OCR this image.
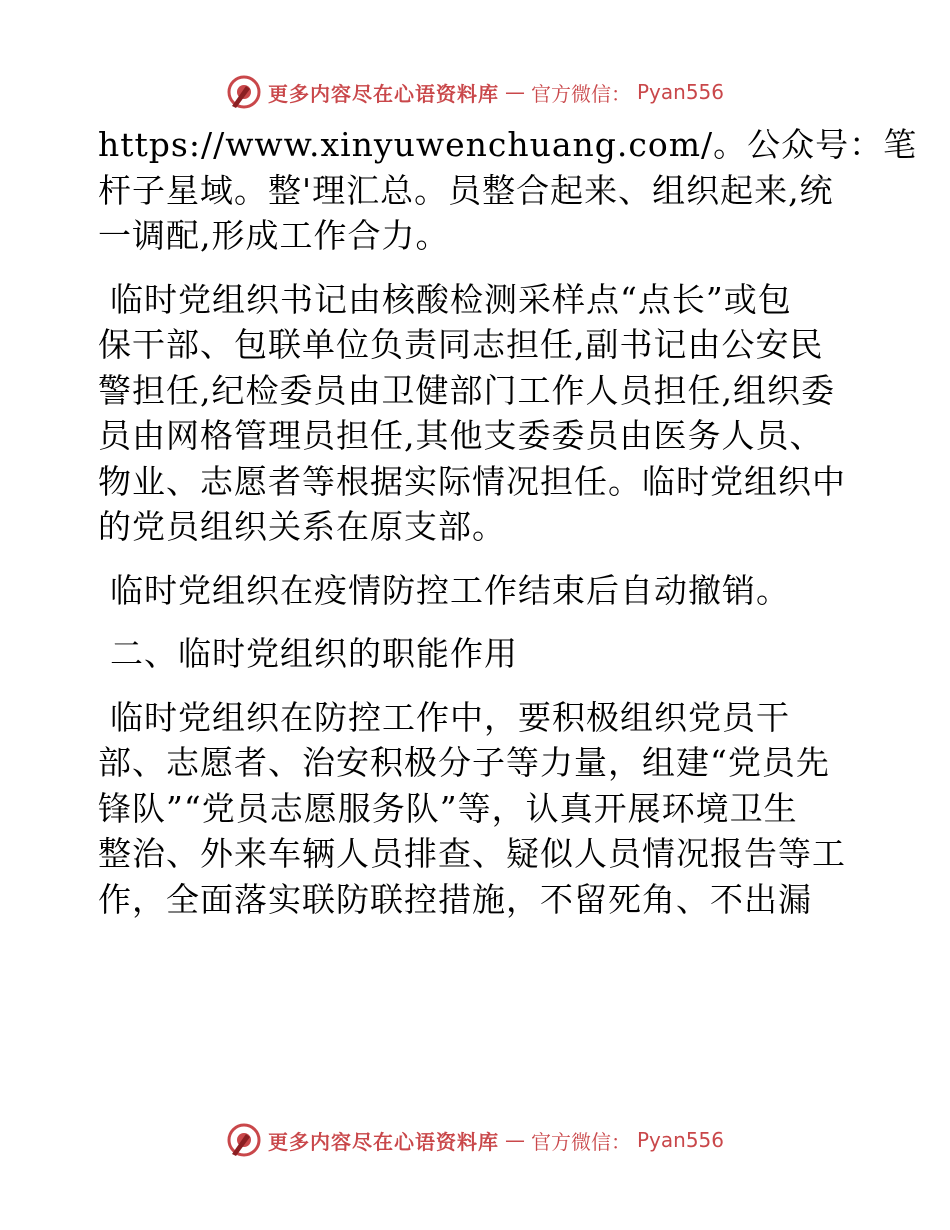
更多内容尽在心语资料库 — 官方微信： Pyan556
https://www.xinyuwenchuang.com/。公众号：笔
杆子星域。整'理汇总。员整合起来、组织起来,统
一调配,形成工作合力。
临时党组织书记由核酸检测采样点“点长”或包
保干部、包联单位负责同志担任,副书记由公安民
警担任,纪检委员由卫健部门工作人员担任,组织委
员由网格管理员担任,其他支委委员由医务人员、
物业、志愿者等根据实际情况担任。临时党组织中
的党员组织关系在原支部。
临时党组织在疫情防控工作结束后自动撤销。
二、临时党组织的职能作用
临时党组织在防控工作中，要积极组织党员干
部、志愿者、治安积极分子等力量，组建“党员先
锋队”“党员志愿服务队”等，认真开展环境卫生
整治、外来车辆人员排查、疑似人员情况报告等工
作，全面落实联防联控措施，不留死角、不出漏
更多内容尽在心语资料库 — 官方微信： Pyan556
